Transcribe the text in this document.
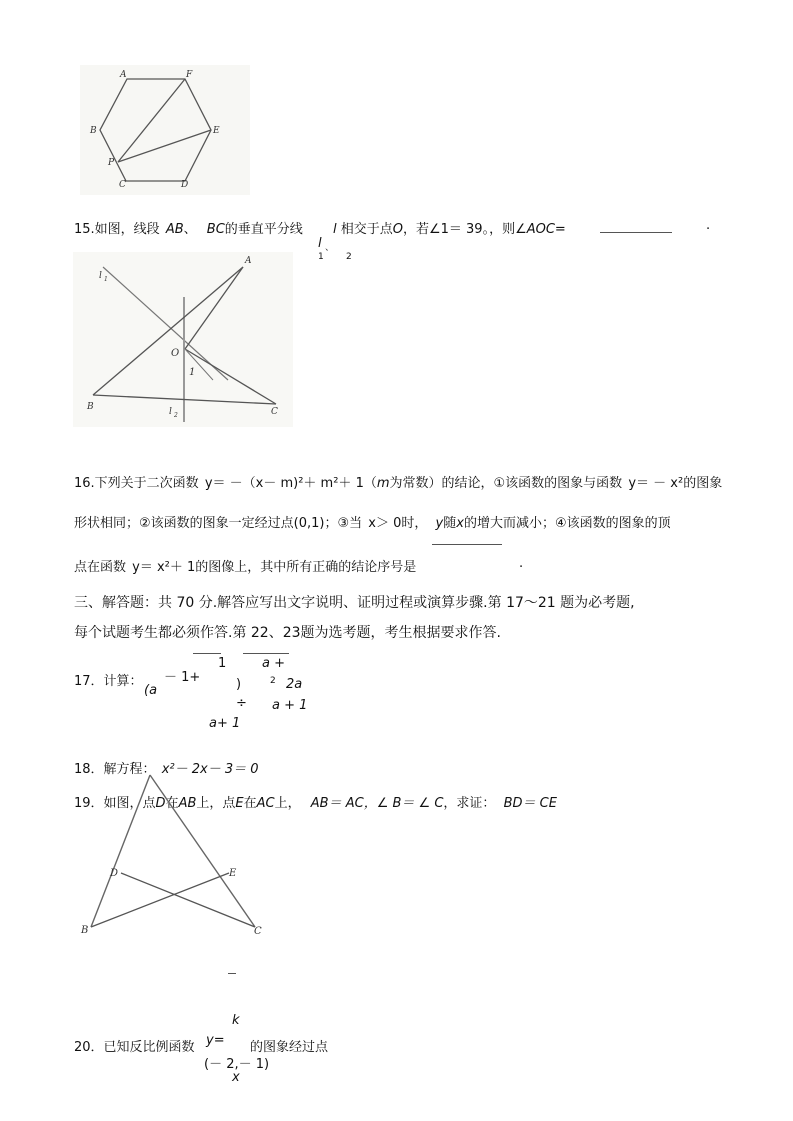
A	F
B	E
P
C	D
15.如图，线段 AB、 BC的垂直平分线 l 相交于点O，若∠1＝ 39。，则∠AOC=	.
l 、
1 2
l 1
A
O
1
B	l 2	C
16.下列关于二次函数 y＝ －（x－ m)²＋ m²＋ 1（m为常数）的结论，①该函数的图象与函数 y＝ － x²的图象
形状相同；②该函数的图象一定经过点(0,1)；③当 x＞ 0时， y随x的增大而减小；④该函数的图象的顶
点在函数 y＝ x²＋ 1的图像上，其中所有正确的结论序号是	.
三、解答题：共 70 分.解答应写出文字说明、证明过程或演算步骤.第 17～21 题为必考题,
每个试题考生都必须作答.第 22、23题为选考题，考生根据要求作答.
17．计算： － 1+
1	a +
(a	)	2 2a
÷ a + 1
a+ 1
18．解方程： x²－ 2x－ 3＝ 0
19．如图，点D在AB上，点E在AC上， AB＝ AC，∠ B＝ ∠ C，求证： BD＝ CE
D	E
B	C
k
20．已知反比例函数 y= 的图象经过点
(－ 2,－ 1)
x
